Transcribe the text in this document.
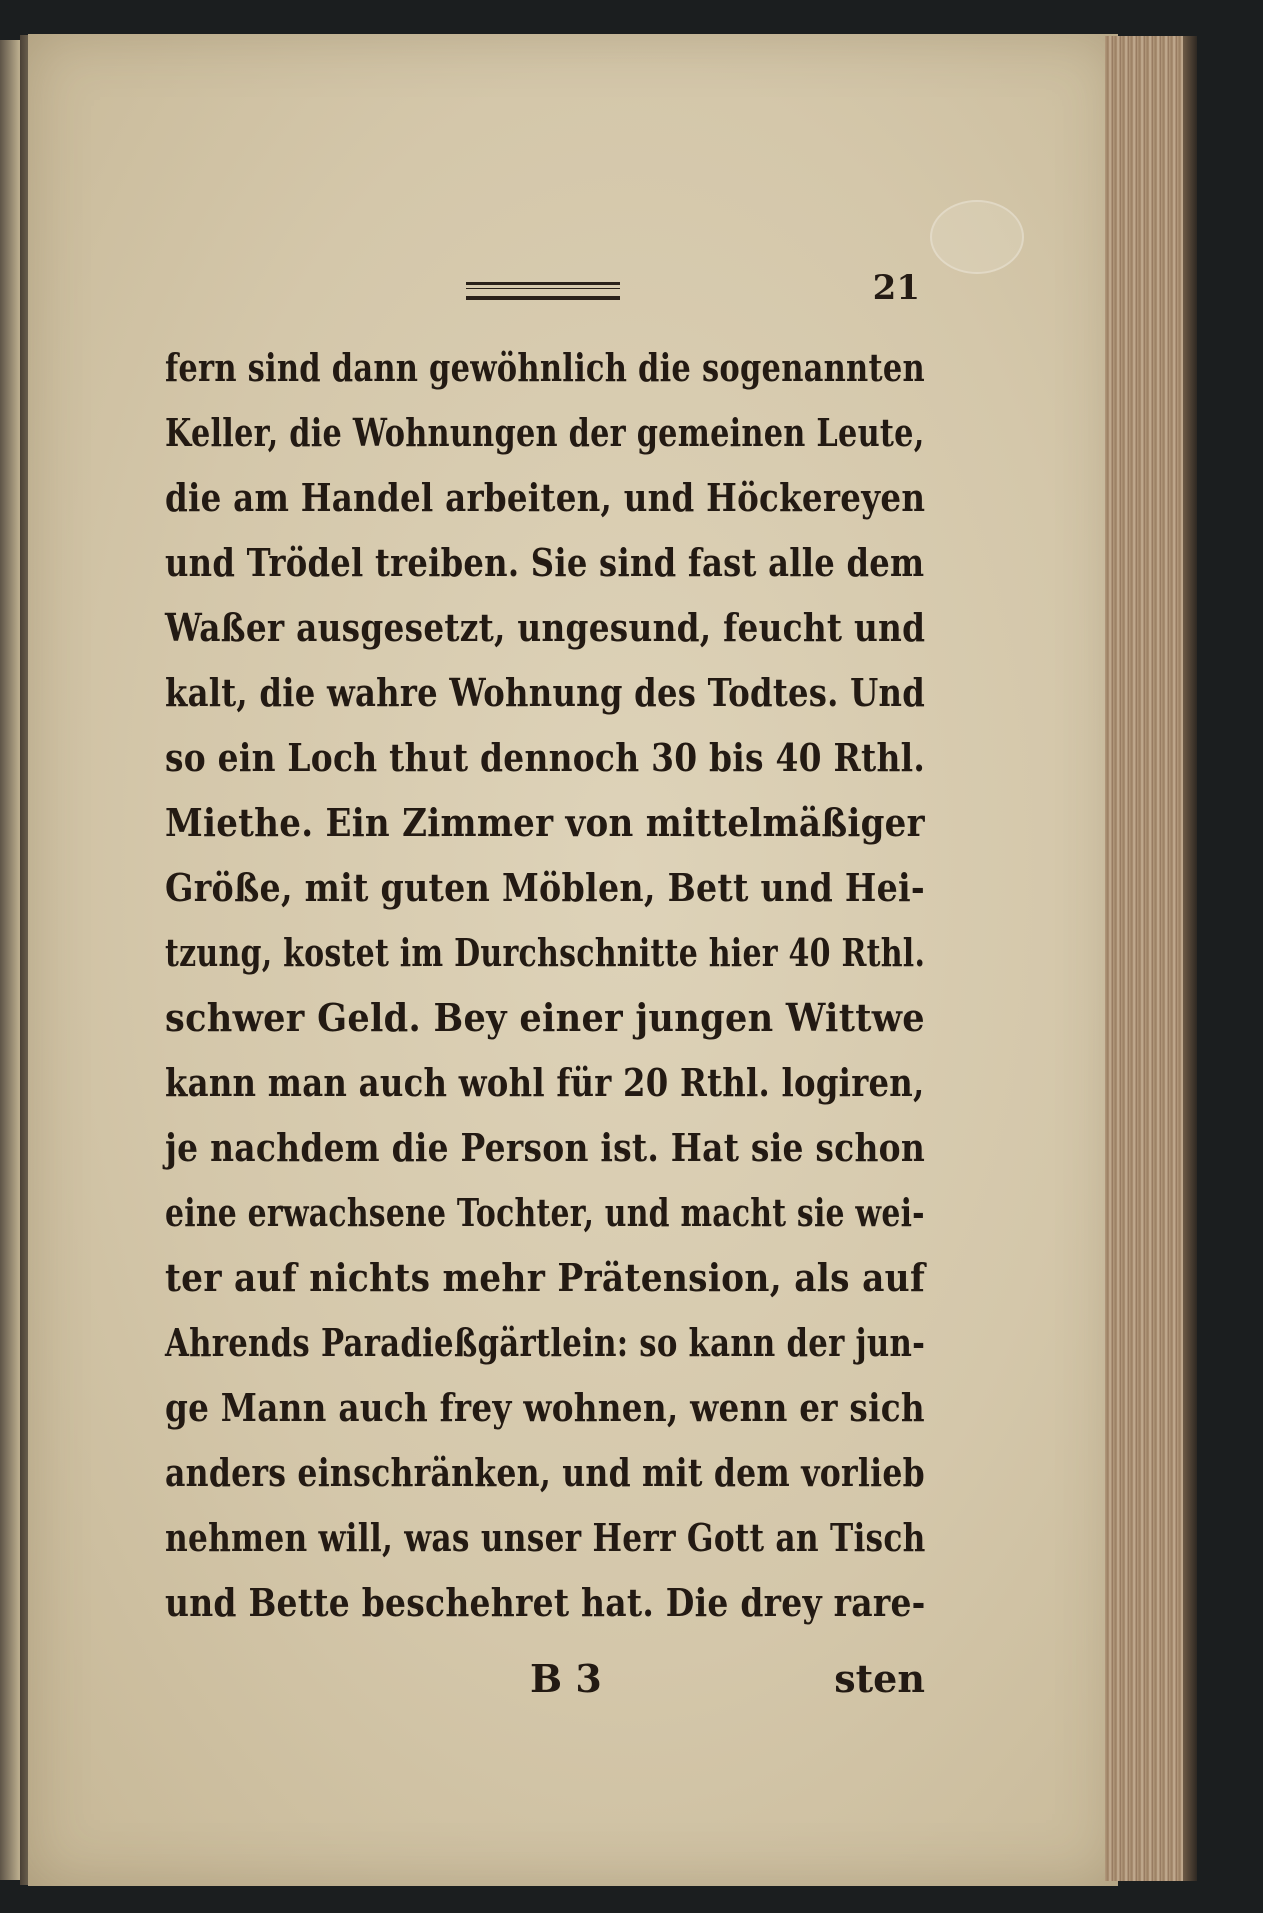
21
fern sind dann gewöhnlich die sogenannten
Keller, die Wohnungen der gemeinen Leute,
die am Handel arbeiten, und Höckereyen
und Trödel treiben. Sie sind fast alle dem
Waßer ausgesetzt, ungesund, feucht und
kalt, die wahre Wohnung des Todtes. Und
so ein Loch thut dennoch 30 bis 40 Rthl.
Miethe. Ein Zimmer von mittelmäßiger
Größe, mit guten Möblen, Bett und Hei-
tzung, kostet im Durchschnitte hier 40 Rthl.
schwer Geld. Bey einer jungen Wittwe
kann man auch wohl für 20 Rthl. logiren,
je nachdem die Person ist. Hat sie schon
eine erwachsene Tochter, und macht sie wei-
ter auf nichts mehr Prätension, als auf
Ahrends Paradießgärtlein: so kann der jun-
ge Mann auch frey wohnen, wenn er sich
anders einschränken, und mit dem vorlieb
nehmen will, was unser Herr Gott an Tisch
und Bette beschehret hat. Die drey rare-
B 3	sten
